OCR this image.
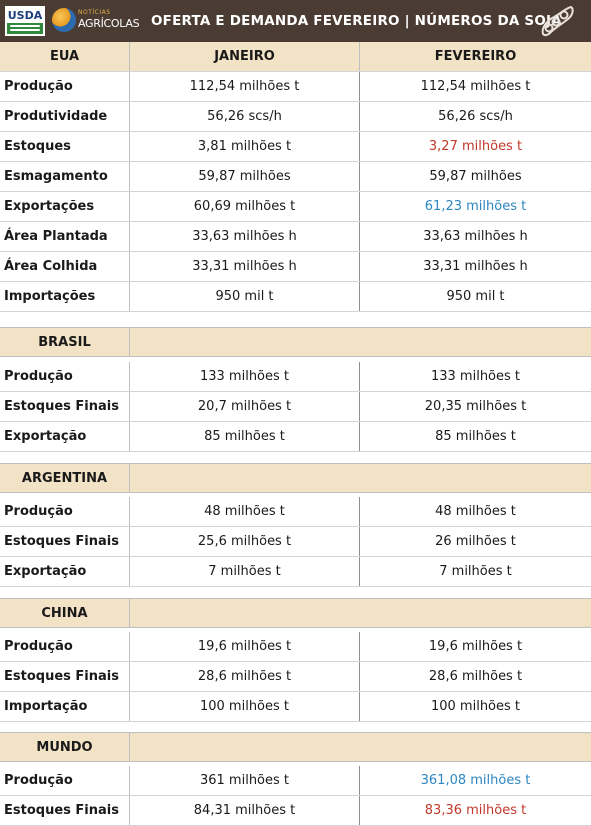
USDA	NOTÍCIAS
AGRÍCOLAS OFERTA E DEMANDA FEVEREIRO | NÚMEROS DA SOJA
EUA	JANEIRO	FEVEREIRO
Produção	112,54 milhões t	112,54 milhões t
Produtividade	56,26 scs/h	56,26 scs/h
Estoques	3,81 milhões t	3,27 milhões t
Esmagamento	59,87 milhões	59,87 milhões
Exportações	60,69 milhões t	61,23 milhões t
Área Plantada	33,63 milhões h	33,63 milhões h
Área Colhida	33,31 milhões h	33,31 milhões h
Importações	950 mil t	950 mil t
BRASIL
Produção	133 milhões t	133 milhões t
Estoques Finais	20,7 milhões t	20,35 milhões t
Exportação	85 milhões t	85 milhões t
ARGENTINA
Produção	48 milhões t	48 milhões t
Estoques Finais	25,6 milhões t	26 milhões t
Exportação	7 milhões t	7 milhões t
CHINA
Produção	19,6 milhões t	19,6 milhões t
Estoques Finais	28,6 milhões t	28,6 milhões t
Importação	100 milhões t	100 milhões t
MUNDO
Produção	361 milhões t	361,08 milhões t
Estoques Finais	84,31 milhões t	83,36 milhões t
